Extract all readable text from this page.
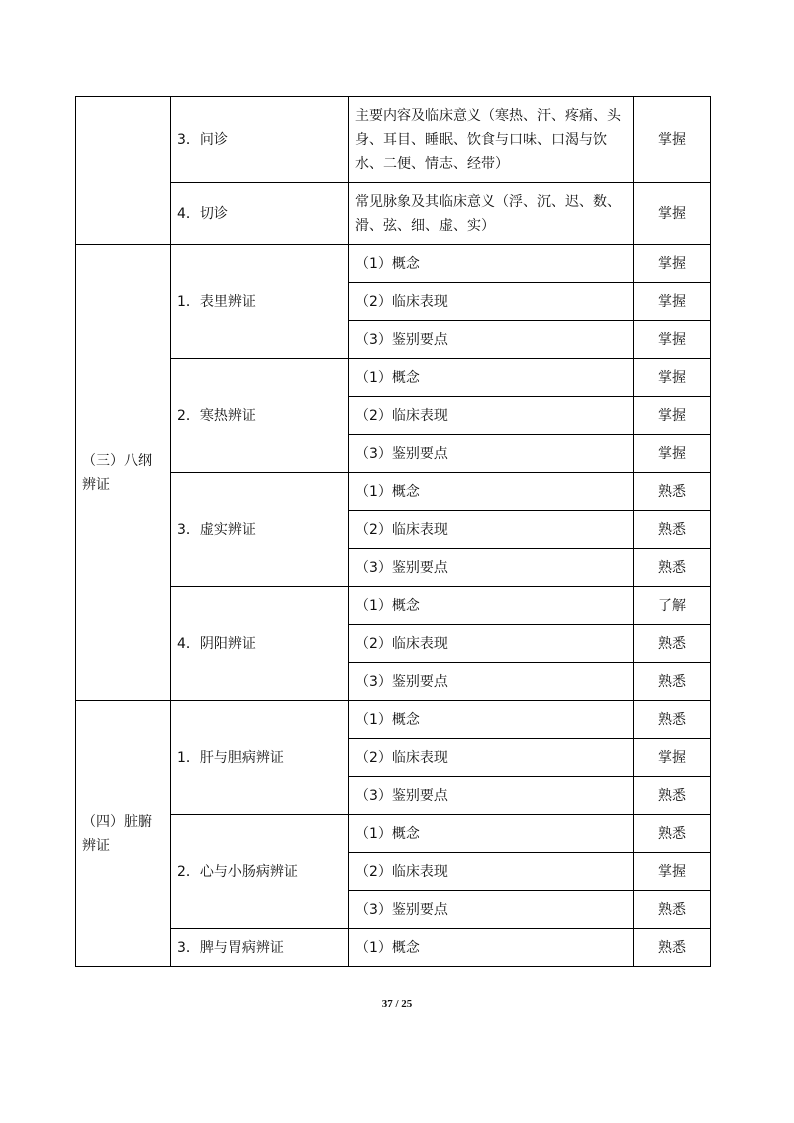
	3．问诊	主要内容及临床意义（寒热、汗、疼痛、头身、耳目、睡眠、饮食与口味、口渴与饮水、二便、情志、经带）	掌握
	4．切诊	常见脉象及其临床意义（浮、沉、迟、数、滑、弦、细、虚、实）	掌握
（三）八纲辨证	1．表里辨证	（1）概念	掌握
		（2）临床表现	掌握
		（3）鉴别要点	掌握
	2．寒热辨证	（1）概念	掌握
		（2）临床表现	掌握
		（3）鉴别要点	掌握
	3．虚实辨证	（1）概念	熟悉
		（2）临床表现	熟悉
		（3）鉴别要点	熟悉
	4．阴阳辨证	（1）概念	了解
		（2）临床表现	熟悉
		（3）鉴别要点	熟悉
（四）脏腑辨证	1．肝与胆病辨证	（1）概念	熟悉
		（2）临床表现	掌握
		（3）鉴别要点	熟悉
	2．心与小肠病辨证	（1）概念	熟悉
		（2）临床表现	掌握
		（3）鉴别要点	熟悉
	3．脾与胃病辨证	（1）概念	熟悉
37 / 25
